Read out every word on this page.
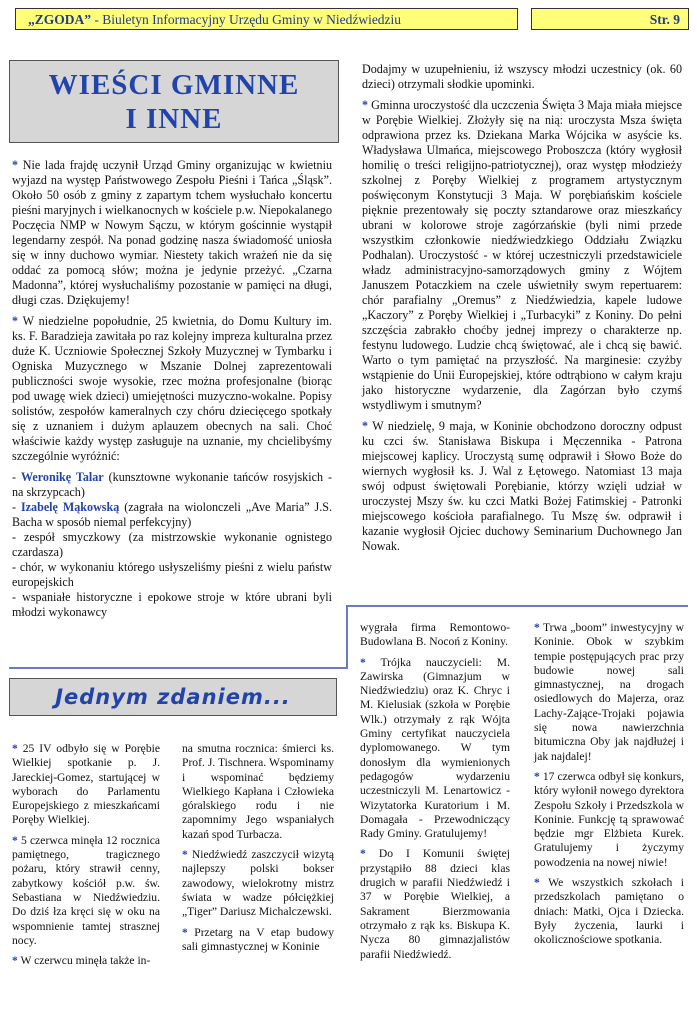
„ZGODA” - Biuletyn Informacyjny Urzędu Gminy w Niedźwiedziu	Str. 9
WIEŚCI GMINNE
I INNE

* Nie lada frajdę uczynił Urząd Gminy organizując w kwietniu wyjazd na występ Państwowego Zespołu Pieśni i Tańca „Śląsk”. Około 50 osób z gminy z zapartym tchem wysłuchało koncertu pieśni maryjnych i wielkanocnych w kościele p.w. Niepokalanego Poczęcia NMP w Nowym Sączu, w którym gościnnie wystąpił legendarny zespół. Na ponad godzinę nasza świadomość uniosła się w inny duchowo wymiar. Niestety takich wrażeń nie da się oddać za pomocą słów; można je jedynie przeżyć. „Czarna Madonna”, której wysłuchaliśmy pozostanie w pamięci na długi, długi czas. Dziękujemy!

* W niedzielne popołudnie, 25 kwietnia, do Domu Kultury im. ks. F. Baradzieja zawitała po raz kolejny impreza kulturalna przez duże K. Uczniowie Społecznej Szkoły Muzycznej w Tymbarku i Ogniska Muzycznego w Mszanie Dolnej zaprezentowali publiczności swoje wysokie, rzec można profesjonalne (biorąc pod uwagę wiek dzieci) umiejętności muzyczno-wokalne. Popisy solistów, zespołów kameralnych czy chóru dziecięcego spotkały się z uznaniem i dużym aplauzem obecnych na sali. Choć właściwie każdy występ zasługuje na uznanie, my chcielibyśmy szczególnie wyróżnić:

- Weronikę Talar (kunsztowne wykonanie tańców rosyjskich - na skrzypcach)
- Izabelę Mąkowską (zagrała na wiolonczeli „Ave Maria” J.S. Bacha w sposób niemal perfekcyjny)
- zespół smyczkowy (za mistrzowskie wykonanie ognistego czardasza)
- chór, w wykonaniu którego usłyszeliśmy pieśni z wielu państw europejskich
- wspaniałe historyczne i epokowe stroje w które ubrani byli młodzi wykonawcy

Dodajmy w uzupełnieniu, iż wszyscy młodzi uczestnicy (ok. 60 dzieci) otrzymali słodkie upominki.

* Gminna uroczystość dla uczczenia Święta 3 Maja miała miejsce w Porębie Wielkiej. Złożyły się na nią: uroczysta Msza święta odprawiona przez ks. Dziekana Marka Wójcika w asyście ks. Władysława Ulmańca, miejscowego Proboszcza (który wygłosił homilię o treści religijno-patriotycznej), oraz występ młodzieży szkolnej z Poręby Wielkiej z programem artystycznym poświęconym Konstytucji 3 Maja. W porębiańskim kościele pięknie prezentowały się poczty sztandarowe oraz mieszkańcy ubrani w kolorowe stroje zagórzańskie (byli nimi przede wszystkim członkowie niedźwiedzkiego Oddziału Związku Podhalan). Uroczystość - w której uczestniczyli przedstawiciele władz administracyjno-samorządowych gminy z Wójtem Januszem Potaczkiem na czele uświetniły swym repertuarem: chór parafialny „Oremus” z Niedźwiedzia, kapele ludowe „Kaczory” z Poręby Wielkiej i „Turbacyki” z Koniny. Do pełni szczęścia zabrakło choćby jednej imprezy o charakterze np. festynu ludowego. Ludzie chcą świętować, ale i chcą się bawić. Warto o tym pamiętać na przyszłość. Na marginesie: czyżby wstąpienie do Unii Europejskiej, które odtrąbiono w całym kraju jako historyczne wydarzenie, dla Zagórzan było czymś wstydliwym i smutnym?

* W niedzielę, 9 maja, w Koninie obchodzono doroczny odpust ku czci św. Stanisława Biskupa i Męczennika - Patrona miejscowej kaplicy. Uroczystą sumę odprawił i Słowo Boże do wiernych wygłosił ks. J. Wal z Łętowego. Natomiast 13 maja swój odpust świętowali Porębianie, którzy wzięli udział w uroczystej Mszy św. ku czci Matki Bożej Fatimskiej - Patronki miejscowego kościoła parafialnego. Tu Mszę św. odprawił i kazanie wygłosił Ojciec duchowy Seminarium Duchownego Jan Nowak.

Jednym zdaniem...

* 25 IV odbyło się w Porębie Wielkiej spotkanie p. J. Jareckiej-Gomez, startującej w wyborach do Parlamentu Europejskiego z mieszkańcami Poręby Wielkiej.

* 5 czerwca minęła 12 rocznica pamiętnego, tragicznego pożaru, który strawił cenny, zabytkowy kościół p.w. św. Sebastiana w Niedźwiedziu. Do dziś łza kręci się w oku na wspomnienie tamtej strasznej nocy.

* W czerwcu minęła także in-

na smutna rocznica: śmierci ks. Prof. J. Tischnera. Wspominamy i wspominać będziemy Wielkiego Kapłana i Człowieka góralskiego rodu i nie zapomnimy Jego wspaniałych kazań spod Turbacza.

* Niedźwiedź zaszczycił wizytą najlepszy polski bokser zawodowy, wielokrotny mistrz świata w wadze półciężkiej „Tiger” Dariusz Michalczewski.

* Przetarg na V etap budowy sali gimnastycznej w Koninie

wygrała firma Remontowo-Budowlana B. Nocoń z Koniny.

* Trójka nauczycieli: M. Zawirska (Gimnazjum w Niedźwiedziu) oraz K. Chryc i M. Kielusiak (szkoła w Porębie Wlk.) otrzymały z rąk Wójta Gminy certyfikat nauczyciela dyplomowanego. W tym donosłym dla wymienionych pedagogów wydarzeniu uczestniczyli M. Lenartowicz - Wizytatorka Kuratorium i M. Domagała - Przewodniczący Rady Gminy. Gratulujemy!

* Do I Komunii świętej przystąpiło 88 dzieci klas drugich w parafii Niedźwiedź i 37 w Porębie Wielkiej, a Sakrament Bierzmowania otrzymało z rąk ks. Biskupa K. Nycza 80 gimnazjalistów parafii Niedźwiedź.

* Trwa „boom” inwestycyjny w Koninie. Obok w szybkim tempie postępujących prac przy budowie nowej sali gimnastycznej, na drogach osiedlowych do Majerza, oraz Lachy-Zające-Trojaki pojawia się nowa nawierzchnia bitumiczna Oby jak najdłużej i jak najdalej!

* 17 czerwca odbył się konkurs, który wyłonił nowego dyrektora Zespołu Szkoły i Przedszkola w Koninie. Funkcję tą sprawować będzie mgr Elżbieta Kurek. Gratulujemy i życzymy powodzenia na nowej niwie!

* We wszystkich szkołach i przedszkolach pamiętano o dniach: Matki, Ojca i Dziecka. Były życzenia, laurki i okolicznościowe spotkania.
